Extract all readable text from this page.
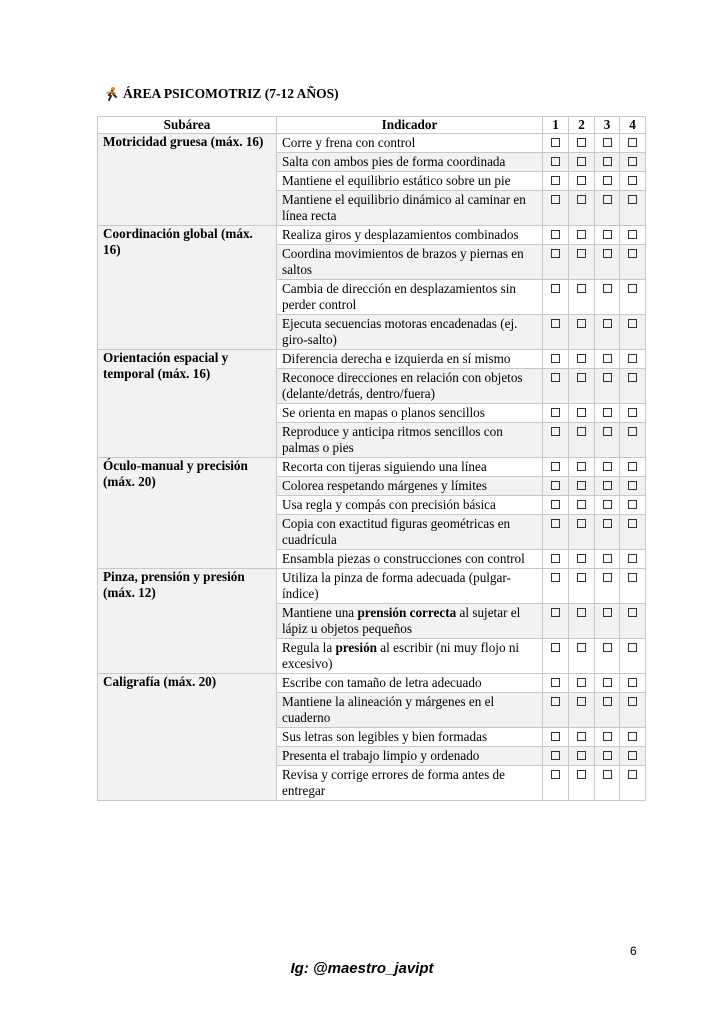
ÁREA PSICOMOTRIZ (7-12 AÑOS)
Subárea	Indicador	1	2	3	4
Motricidad gruesa (máx. 16)	Corre y frena con control				
	Salta con ambos pies de forma coordinada				
	Mantiene el equilibrio estático sobre un pie				
	Mantiene el equilibrio dinámico al caminar en línea recta				
Coordinación global (máx. 16)	Realiza giros y desplazamientos combinados				
	Coordina movimientos de brazos y piernas en saltos				
	Cambia de dirección en desplazamientos sin perder control				
	Ejecuta secuencias motoras encadenadas (ej. giro-salto)				
Orientación espacial y temporal (máx. 16)	Diferencia derecha e izquierda en sí mismo				
	Reconoce direcciones en relación con objetos (delante/detrás, dentro/fuera)				
	Se orienta en mapas o planos sencillos				
	Reproduce y anticipa ritmos sencillos con palmas o pies				
Óculo-manual y precisión (máx. 20)	Recorta con tijeras siguiendo una línea				
	Colorea respetando márgenes y límites				
	Usa regla y compás con precisión básica				
	Copia con exactitud figuras geométricas en cuadrícula				
	Ensambla piezas o construcciones con control				
Pinza, prensión y presión (máx. 12)	Utiliza la pinza de forma adecuada (pulgar-índice)				
	Mantiene una prensión correcta al sujetar el lápiz u objetos pequeños				
	Regula la presión al escribir (ni muy flojo ni excesivo)				
Caligrafía (máx. 20)	Escribe con tamaño de letra adecuado				
	Mantiene la alineación y márgenes en el cuaderno				
	Sus letras son legibles y bien formadas				
	Presenta el trabajo limpio y ordenado				
	Revisa y corrige errores de forma antes de entregar				
6
Ig: @maestro_javipt
